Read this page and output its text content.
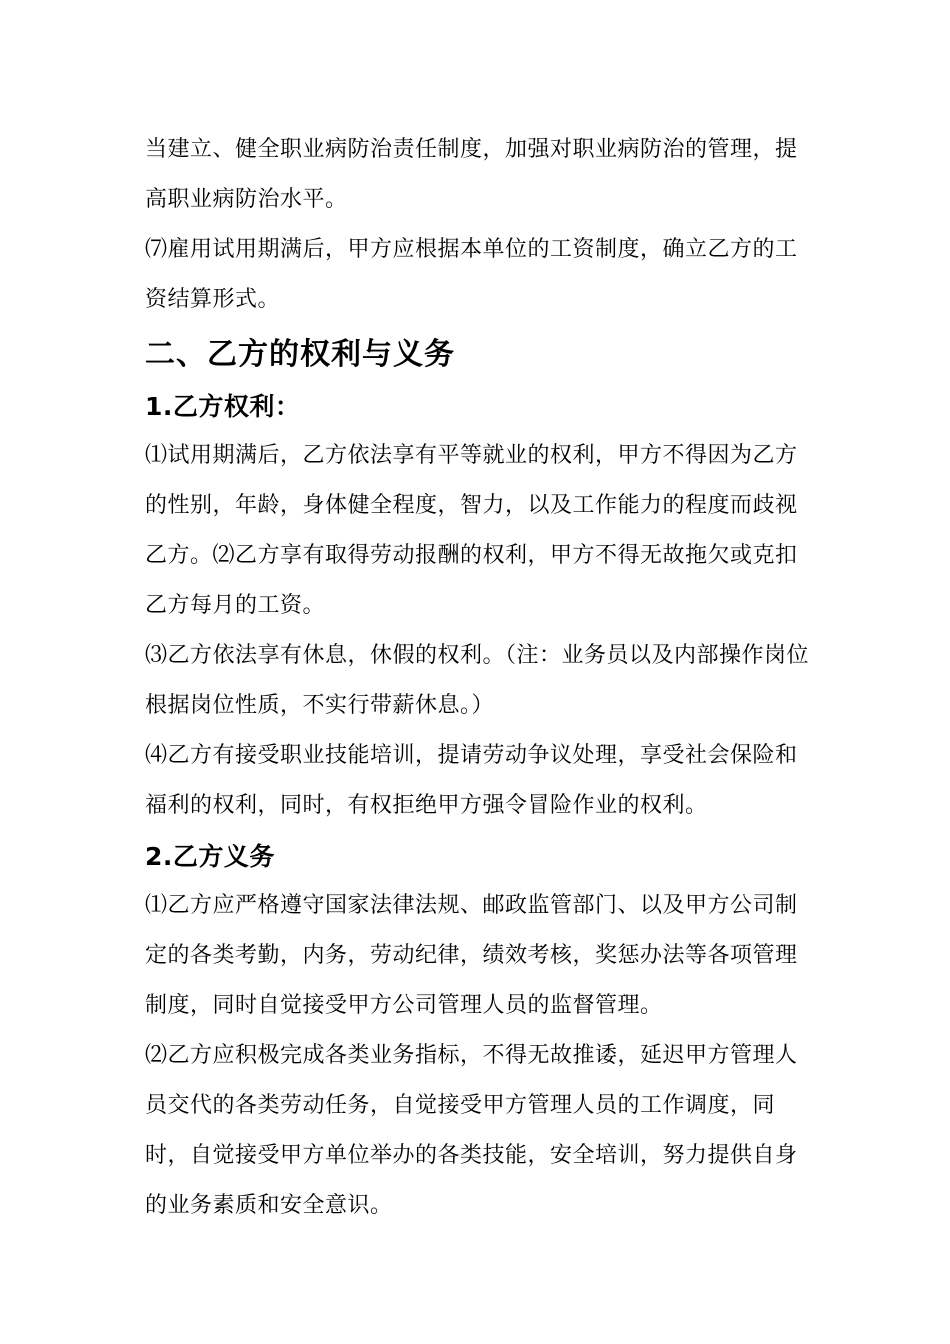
当建立、健全职业病防治责任制度，加强对职业病防治的管理，提高职业病防治水平。

⑺雇用试用期满后，甲方应根据本单位的工资制度，确立乙方的工资结算形式。

二、乙方的权利与义务
1.乙方权利：

⑴试用期满后，乙方依法享有平等就业的权利，甲方不得因为乙方的性别，年龄，身体健全程度，智力，以及工作能力的程度而歧视乙方。⑵乙方享有取得劳动报酬的权利，甲方不得无故拖欠或克扣乙方每月的工资。

⑶乙方依法享有休息，休假的权利。（注：业务员以及内部操作岗位根据岗位性质，不实行带薪休息。）

⑷乙方有接受职业技能培训，提请劳动争议处理，享受社会保险和福利的权利，同时，有权拒绝甲方强令冒险作业的权利。

2.乙方义务

⑴乙方应严格遵守国家法律法规、邮政监管部门、以及甲方公司制定的各类考勤，内务，劳动纪律，绩效考核，奖惩办法等各项管理制度，同时自觉接受甲方公司管理人员的监督管理。

⑵乙方应积极完成各类业务指标，不得无故推诿，延迟甲方管理人员交代的各类劳动任务，自觉接受甲方管理人员的工作调度，同时，自觉接受甲方单位举办的各类技能，安全培训，努力提供自身的业务素质和安全意识。
